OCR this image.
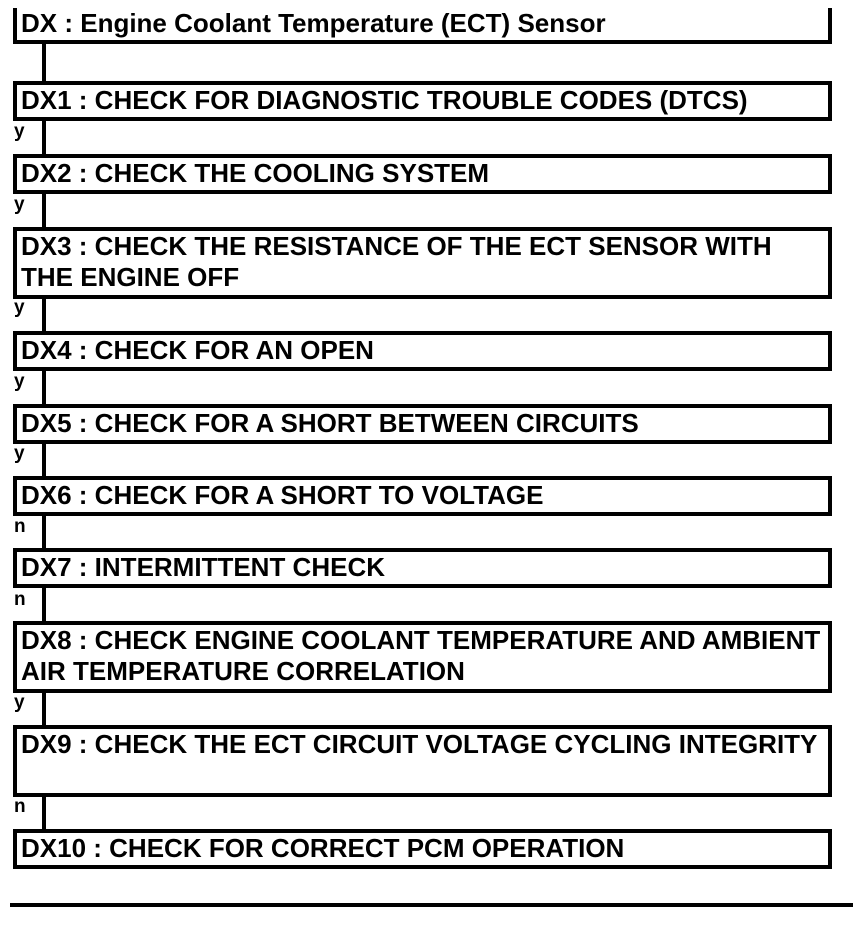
DX : Engine Coolant Temperature (ECT) Sensor
DX1 : CHECK FOR DIAGNOSTIC TROUBLE CODES (DTCS)
y
DX2 : CHECK THE COOLING SYSTEM
y
DX3 : CHECK THE RESISTANCE OF THE ECT SENSOR WITH THE ENGINE OFF
y
DX4 : CHECK FOR AN OPEN
y
DX5 : CHECK FOR A SHORT BETWEEN CIRCUITS
y
DX6 : CHECK FOR A SHORT TO VOLTAGE
n
DX7 : INTERMITTENT CHECK
n
DX8 : CHECK ENGINE COOLANT TEMPERATURE AND AMBIENT AIR TEMPERATURE CORRELATION
y
DX9 : CHECK THE ECT CIRCUIT VOLTAGE CYCLING INTEGRITY
n
DX10 : CHECK FOR CORRECT PCM OPERATION
